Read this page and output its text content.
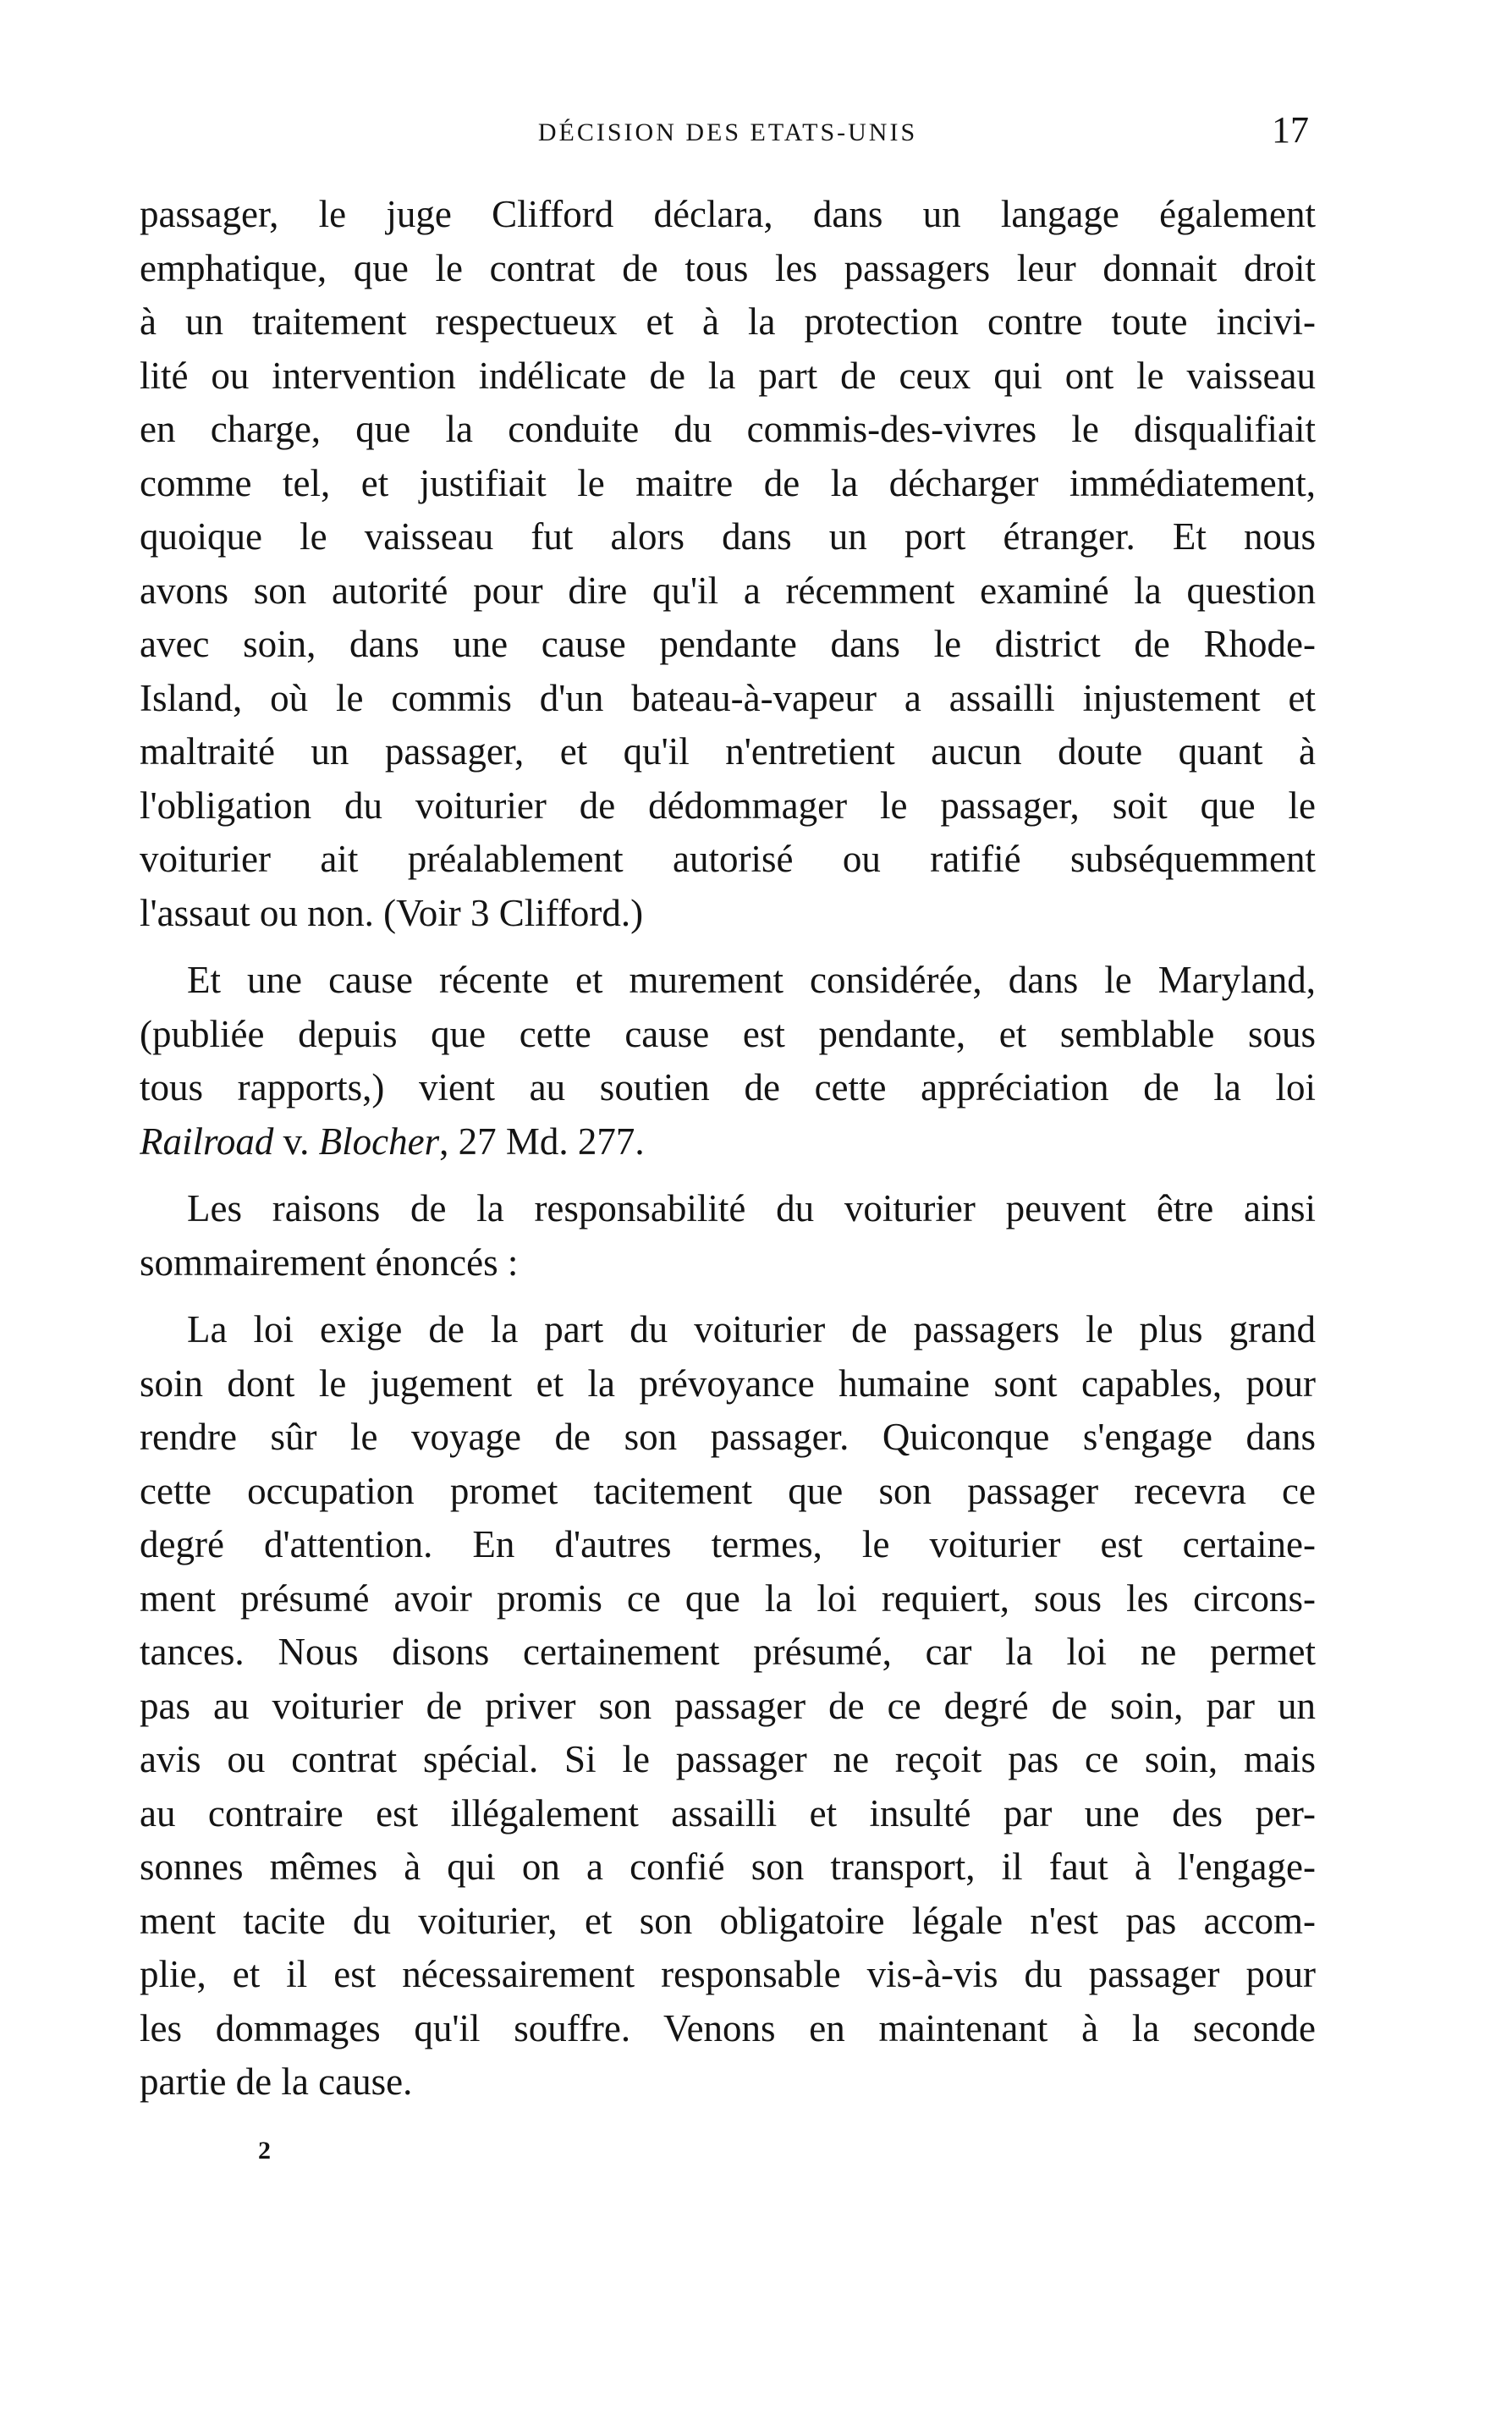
DÉCISION DES ETATS-UNIS	17
passager, le juge Clifford déclara, dans un langage également
emphatique, que le contrat de tous les passagers leur donnait droit
à un traitement respectueux et à la protection contre toute incivi-
lité ou intervention indélicate de la part de ceux qui ont le vaisseau
en charge, que la conduite du commis-des-vivres le disqualifiait
comme tel, et justifiait le maitre de la décharger immédiatement,
quoique le vaisseau fut alors dans un port étranger. Et nous
avons son autorité pour dire qu'il a récemment examiné la question
avec soin, dans une cause pendante dans le district de Rhode-
Island, où le commis d'un bateau-à-vapeur a assailli injustement et
maltraité un passager, et qu'il n'entretient aucun doute quant à
l'obligation du voiturier de dédommager le passager, soit que le
voiturier ait préalablement autorisé ou ratifié subséquemment
l'assaut ou non. (Voir 3 Clifford.)
Et une cause récente et murement considérée, dans le Maryland,
(publiée depuis que cette cause est pendante, et semblable sous
tous rapports,) vient au soutien de cette appréciation de la loi
Railroad v. Blocher, 27 Md. 277.
Les raisons de la responsabilité du voiturier peuvent être ainsi
sommairement énoncés :
La loi exige de la part du voiturier de passagers le plus grand
soin dont le jugement et la prévoyance humaine sont capables, pour
rendre sûr le voyage de son passager. Quiconque s'engage dans
cette occupation promet tacitement que son passager recevra ce
degré d'attention. En d'autres termes, le voiturier est certaine-
ment présumé avoir promis ce que la loi requiert, sous les circons-
tances. Nous disons certainement présumé, car la loi ne permet
pas au voiturier de priver son passager de ce degré de soin, par un
avis ou contrat spécial. Si le passager ne reçoit pas ce soin, mais
au contraire est illégalement assailli et insulté par une des per-
sonnes mêmes à qui on a confié son transport, il faut à l'engage-
ment tacite du voiturier, et son obligatoire légale n'est pas accom-
plie, et il est nécessairement responsable vis-à-vis du passager pour
les dommages qu'il souffre. Venons en maintenant à la seconde
partie de la cause.
2
